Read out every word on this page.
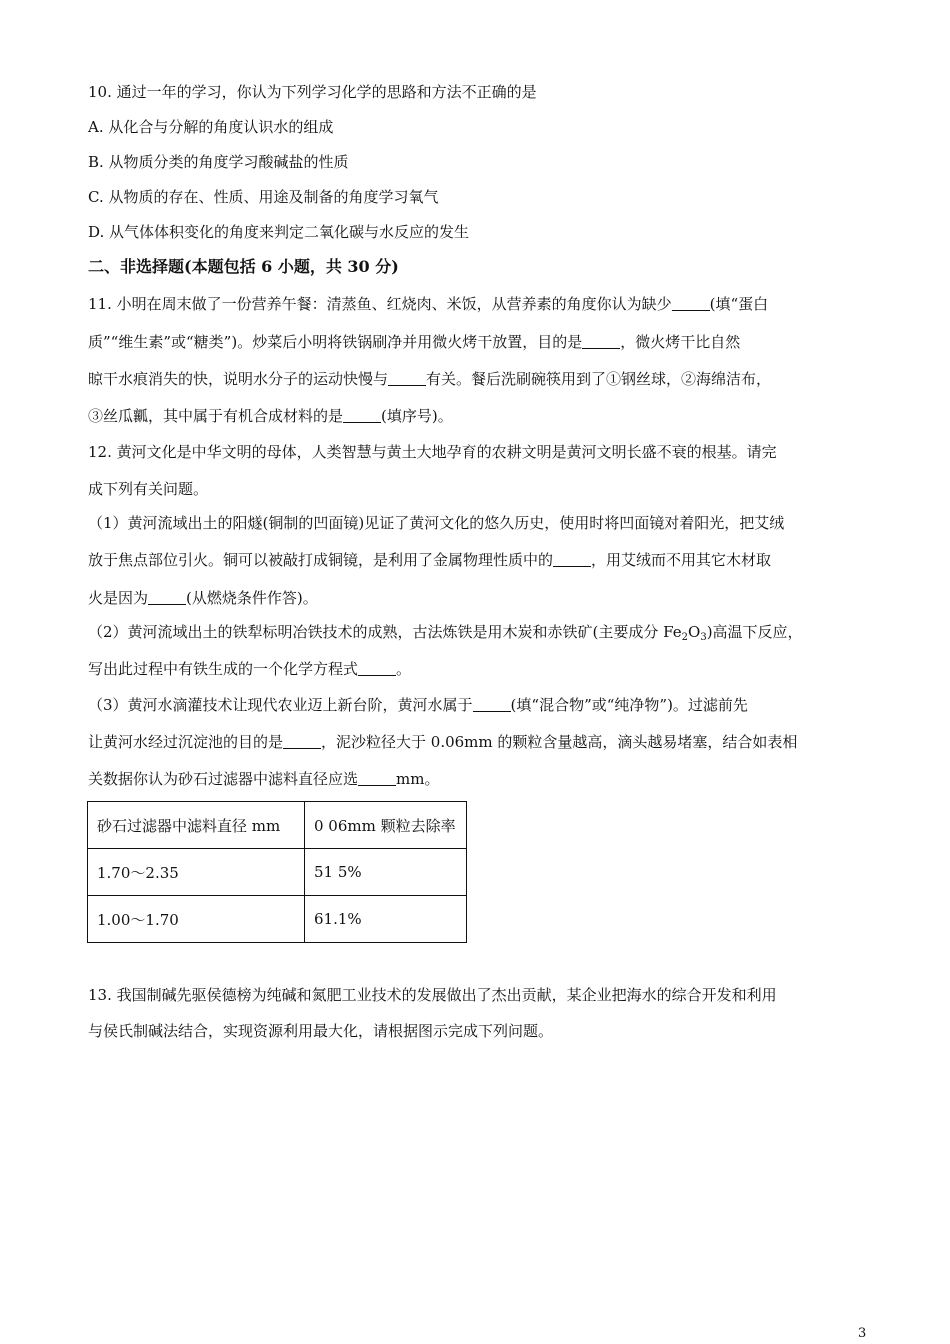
10. 通过一年的学习，你认为下列学习化学的思路和方法不正确的是
A. 从化合与分解的角度认识水的组成
B. 从物质分类的角度学习酸碱盐的性质
C. 从物质的存在、性质、用途及制备的角度学习氧气
D. 从气体体积变化的角度来判定二氧化碳与水反应的发生
二、非选择题(本题包括 6 小题，共 30 分)
11. 小明在周末做了一份营养午餐：清蒸鱼、红烧肉、米饭，从营养素的角度你认为缺少	(填“蛋白
质”“维生素”或“糖类”)。炒菜后小明将铁锅刷净并用微火烤干放置，目的是	，微火烤干比自然
晾干水痕消失的快，说明水分子的运动快慢与	有关。餐后洗刷碗筷用到了①钢丝球，②海绵洁布，
③丝瓜瓤，其中属于有机合成材料的是	(填序号)。
12. 黄河文化是中华文明的母体，人类智慧与黄土大地孕育的农耕文明是黄河文明长盛不衰的根基。请完
成下列有关问题。
（1）黄河流域出土的阳燧(铜制的凹面镜)见证了黄河文化的悠久历史，使用时将凹面镜对着阳光，把艾绒
放于焦点部位引火。铜可以被敲打成铜镜，是利用了金属物理性质中的	，用艾绒而不用其它木材取
火是因为	(从燃烧条件作答)。
（2）黄河流域出土的铁犁标明冶铁技术的成熟，古法炼铁是用木炭和赤铁矿(主要成分 $Fe_2O_3$)高温下反应，
写出此过程中有铁生成的一个化学方程式	。
（3）黄河水滴灌技术让现代农业迈上新台阶，黄河水属于	(填“混合物”或“纯净物”)。过滤前先
让黄河水经过沉淀池的目的是	，泥沙粒径大于 0.06mm 的颗粒含量越高，滴头越易堵塞，结合如表相
关数据你认为砂石过滤器中滤料直径应选	mm。
砂石过滤器中滤料直径 mm	0 06mm 颗粒去除率
1.70～2.35	51 5%
1.00～1.70	61.1%
13. 我国制碱先驱侯德榜为纯碱和氮肥工业技术的发展做出了杰出贡献，某企业把海水的综合开发和利用
与侯氏制碱法结合，实现资源利用最大化，请根据图示完成下列问题。
3
